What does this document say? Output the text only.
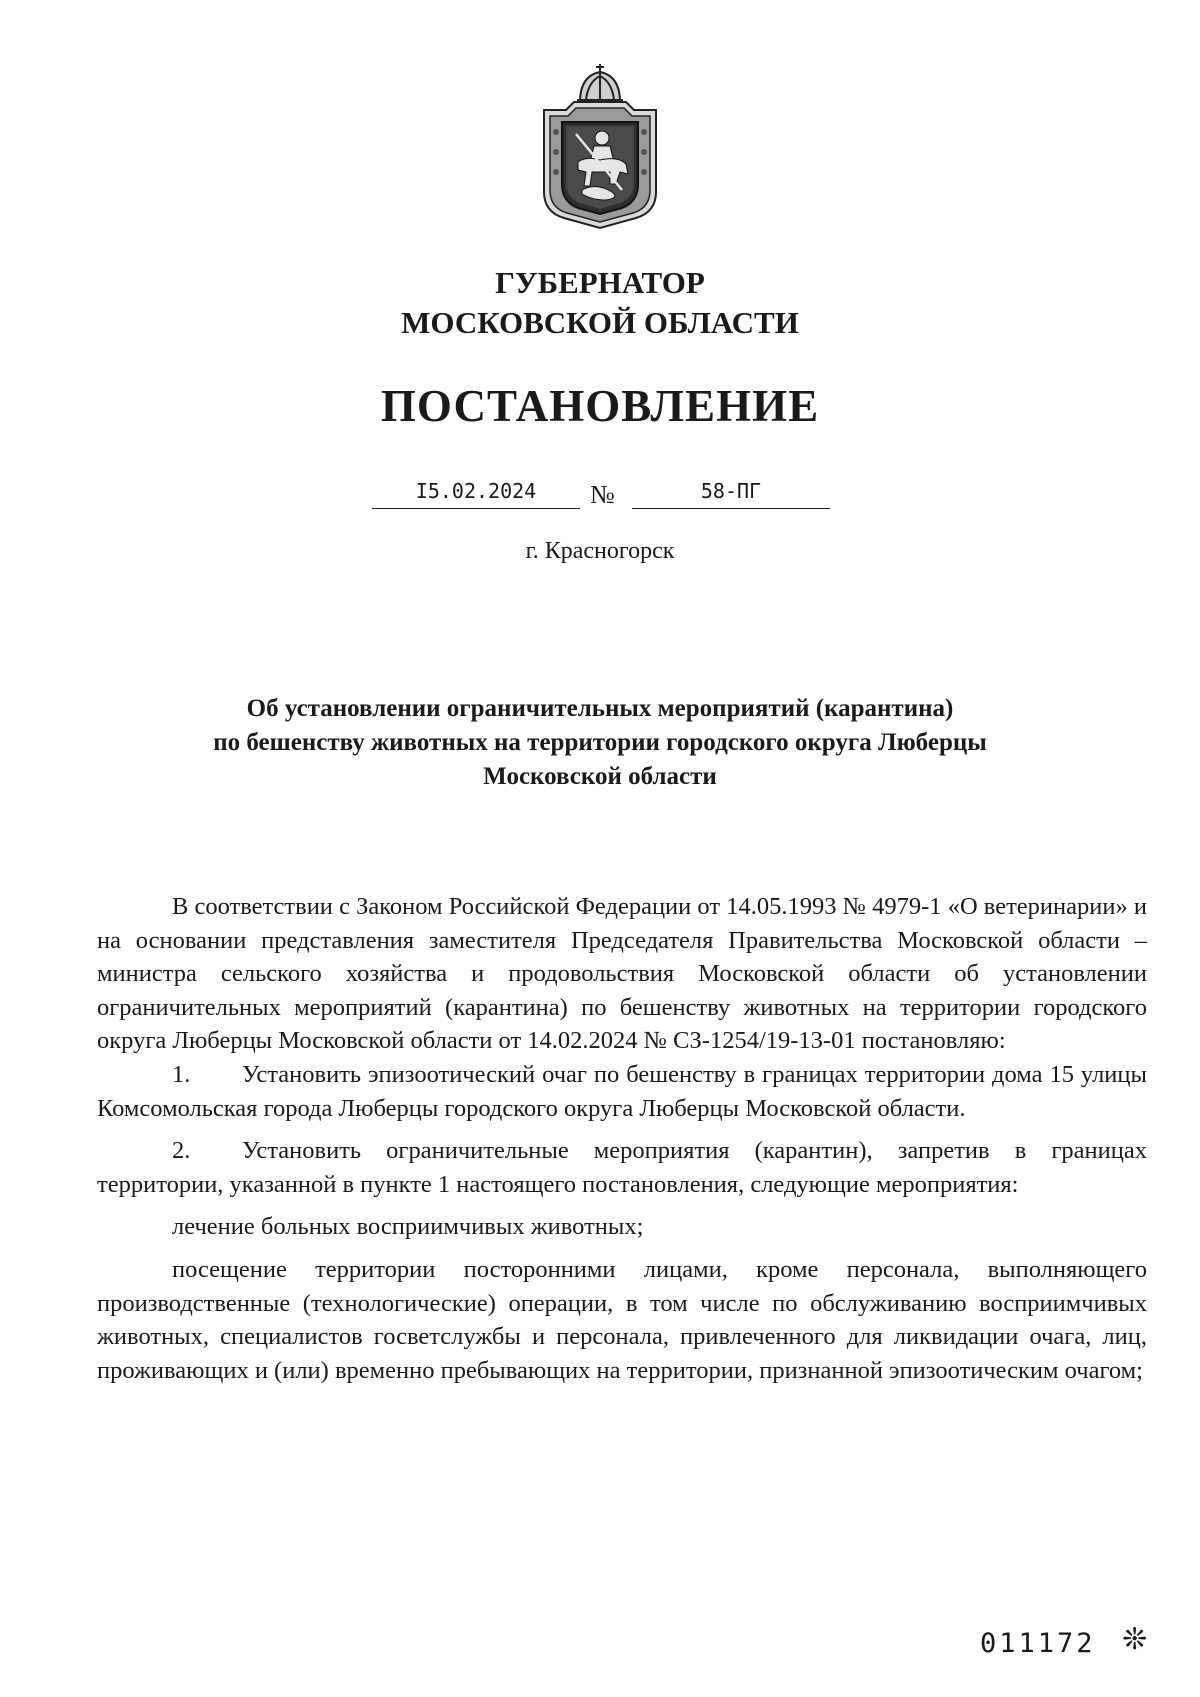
ГУБЕРНАТОР
МОСКОВСКОЙ ОБЛАСТИ
ПОСТАНОВЛЕНИЕ
I5.02.2024	№	58-ПГ
г. Красногорск
Об установлении ограничительных мероприятий (карантина)
по бешенству животных на территории городского округа Люберцы
Московской области

В соответствии с Законом Российской Федерации от 14.05.1993 № 4979-1 «О ветеринарии» и на основании представления заместителя Председателя Правительства Московской области – министра сельского хозяйства и продовольствия Московской области об установлении ограничительных мероприятий (карантина) по бешенству животных на территории городского округа Люберцы Московской области от 14.02.2024 № СЗ-1254/19-13-01 постановляю:

1. Установить эпизоотический очаг по бешенству в границах территории дома 15 улицы Комсомольская города Люберцы городского округа Люберцы Московской области.

2. Установить ограничительные мероприятия (карантин), запретив в границах территории, указанной в пункте 1 настоящего постановления, следующие мероприятия:

лечение больных восприимчивых животных;

посещение территории посторонними лицами, кроме персонала, выполняющего производственные (технологические) операции, в том числе по обслуживанию восприимчивых животных, специалистов госветслужбы и персонала, привлеченного для ликвидации очага, лиц, проживающих и (или) временно пребывающих на территории, признанной эпизоотическим очагом;

011172 ❊
